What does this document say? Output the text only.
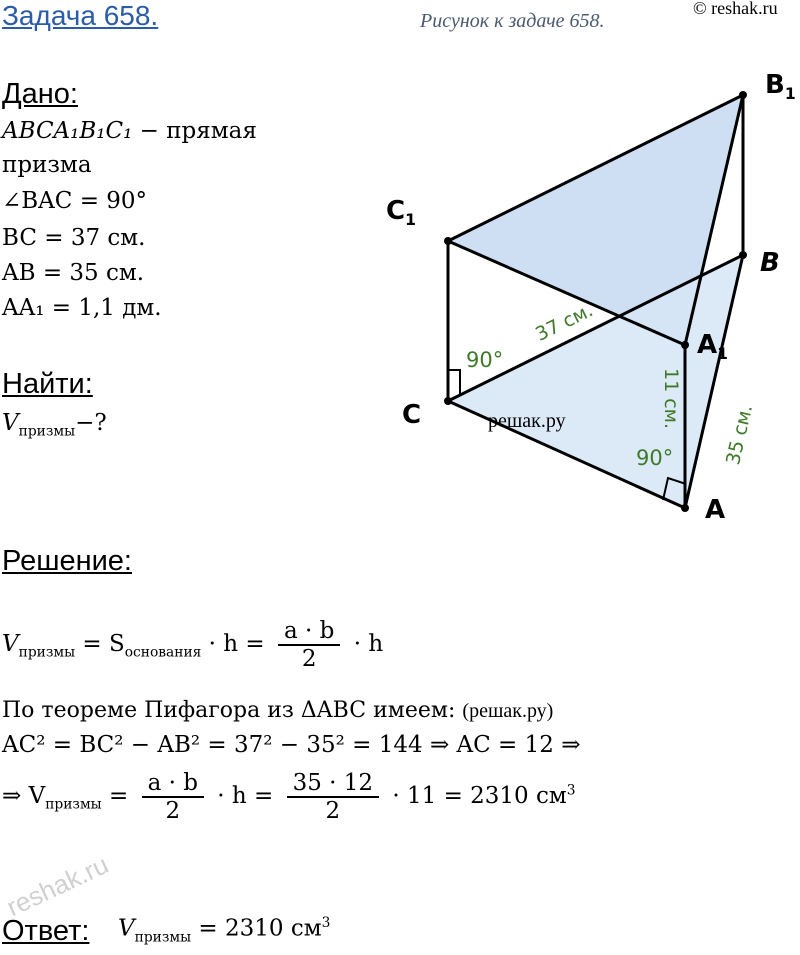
Задача 658.	Рисунок к задаче 658.
© reshak.ru
Дано:
ABCA₁B₁C₁ − прямая
призма
∠BAC = 90°
BC = 37 см.
AB = 35 см.
AA₁ = 1,1 дм.
Найти:
$V_{призмы}-$?
$B_1$
$C_1$
B
$A_1$
C
A
37 см.
11 см.
35 см.
90°
90°
решак.ру
Решение:
$V_{призмы} = S_{основания} \cdot h = \frac{a \cdot b}{2} \cdot h$
По теореме Пифагора из ΔABC имеем: (решак.ру)
AC² = BC² − AB² = 37² − 35² = 144 ⇒ AC = 12 ⇒
⇒ $V_{призмы} = \frac{a \cdot b}{2} \cdot h = \frac{35 \cdot 12}{2} \cdot 11 = 2310$ $см^3$
reshak.ru
Ответ: $V_{призмы} = 2310$ $см^3$
